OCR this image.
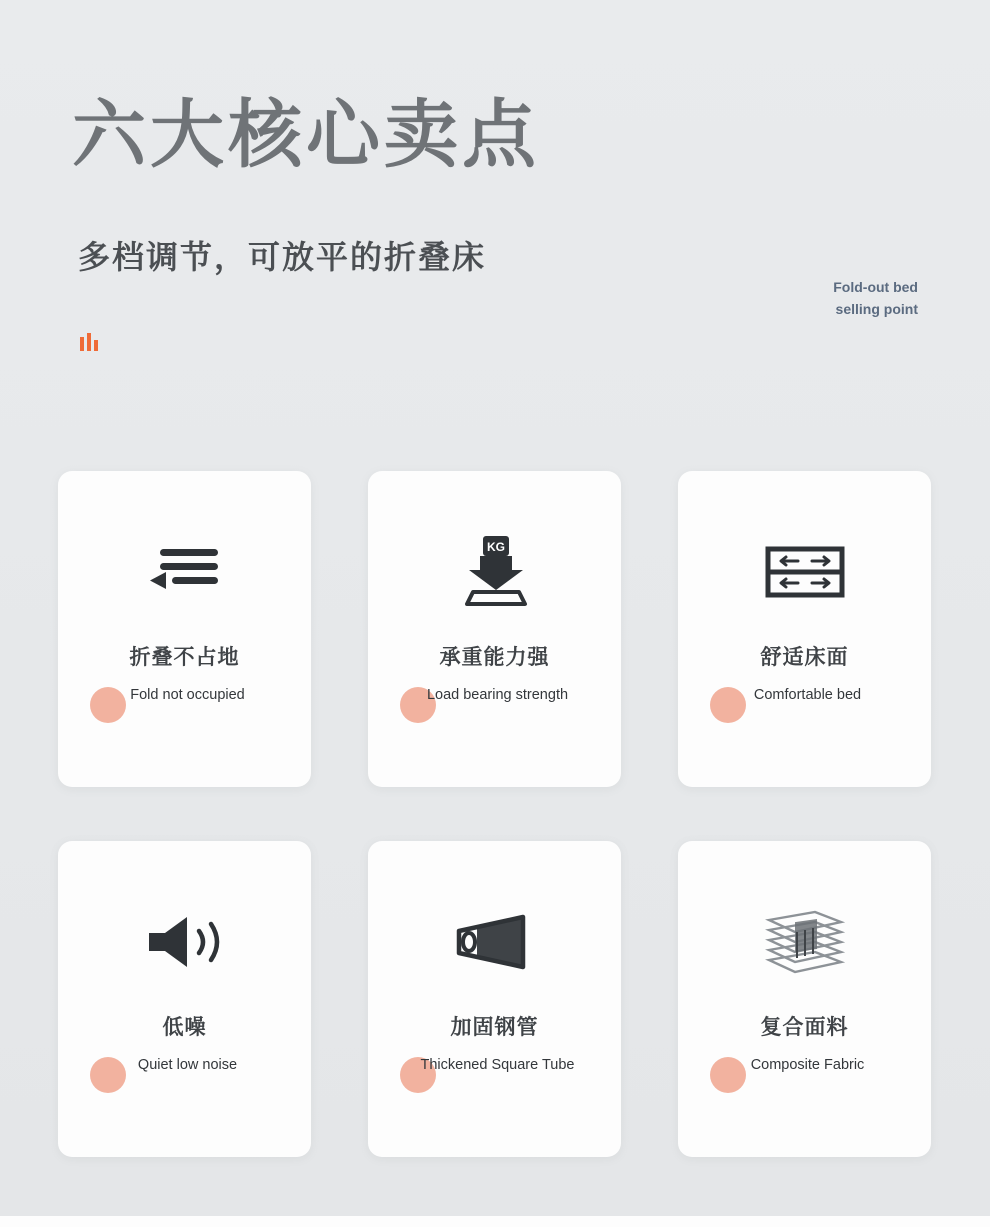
六大核心卖点
多档调节，可放平的折叠床
Fold-out bed
selling point
折叠不占地
Fold not occupied
KG
承重能力强
Load bearing strength
舒适床面
Comfortable bed
低噪
Quiet low noise
加固钢管
Thickened Square Tube
复合面料
Composite Fabric
